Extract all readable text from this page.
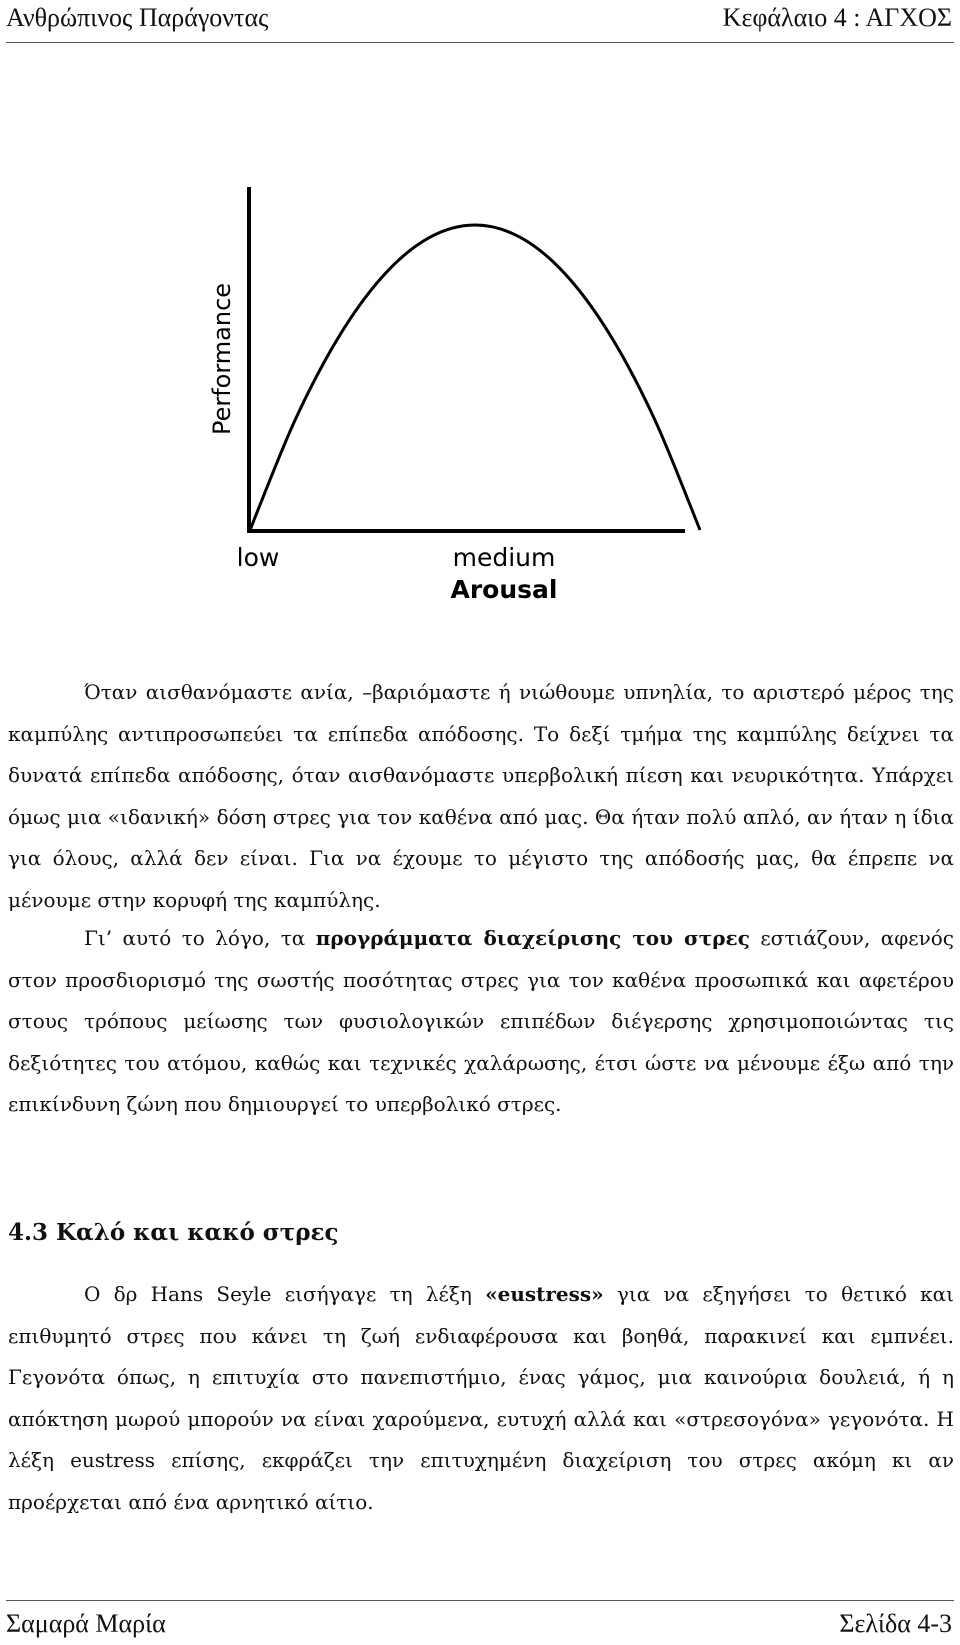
Ανθρώπινος Παράγοντας	Κεφάλαιο 4 : ΑΓΧΟΣ
Performance
low	medium
Arousal

Όταν αισθανόμαστε ανία, –βαριόμαστε ή νιώθουμε υπνηλία, το αριστερό μέρος της καμπύλης αντιπροσωπεύει τα επίπεδα απόδοσης. Το δεξί τμήμα της καμπύλης δείχνει τα δυνατά επίπεδα απόδοσης, όταν αισθανόμαστε υπερβολική πίεση και νευρικότητα. Υπάρχει όμως μια «ιδανική» δόση στρες για τον καθένα από μας. Θα ήταν πολύ απλό, αν ήταν η ίδια για όλους, αλλά δεν είναι. Για να έχουμε το μέγιστο της απόδοσής μας, θα έπρεπε να μένουμε στην κορυφή της καμπύλης.

Γι’ αυτό το λόγο, τα προγράμματα διαχείρισης του στρες εστιάζουν, αφενός στον προσδιορισμό της σωστής ποσότητας στρες για τον καθένα προσωπικά και αφετέρου στους τρόπους μείωσης των φυσιολογικών επιπέδων διέγερσης χρησιμοποιώντας τις δεξιότητες του ατόμου, καθώς και τεχνικές χαλάρωσης, έτσι ώστε να μένουμε έξω από την επικίνδυνη ζώνη που δημιουργεί το υπερβολικό στρες.

4.3 Καλό και κακό στρες

Ο δρ Hans Seyle εισήγαγε τη λέξη «eustress» για να εξηγήσει το θετικό και επιθυμητό στρες που κάνει τη ζωή ενδιαφέρουσα και βοηθά, παρακινεί και εμπνέει. Γεγονότα όπως, η επιτυχία στο πανεπιστήμιο, ένας γάμος, μια καινούρια δουλειά, ή η απόκτηση μωρού μπορούν να είναι χαρούμενα, ευτυχή αλλά και «στρεσογόνα» γεγονότα. Η λέξη eustress επίσης, εκφράζει την επιτυχημένη διαχείριση του στρες ακόμη κι αν προέρχεται από ένα αρνητικό αίτιο.

Σαμαρά Μαρία	Σελίδα 4-3
